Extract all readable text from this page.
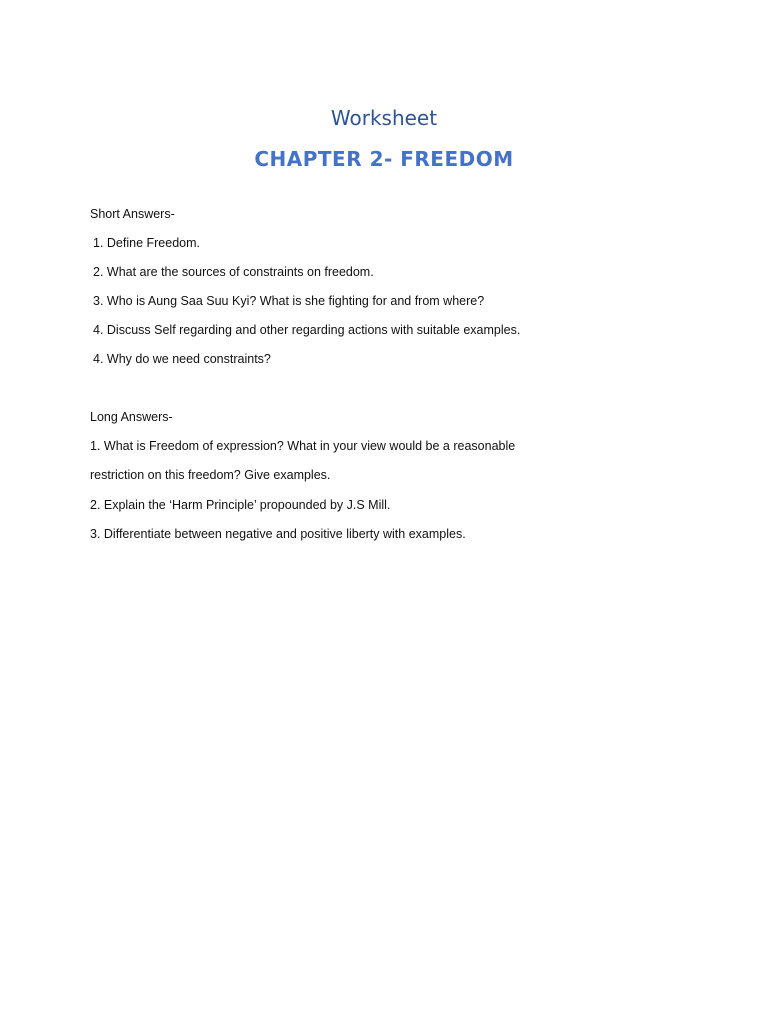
Worksheet
CHAPTER 2- FREEDOM

Short Answers-

1. Define Freedom.

2. What are the sources of constraints on freedom.

3. Who is Aung Saa Suu Kyi? What is she fighting for and from where?

4. Discuss Self regarding and other regarding actions with suitable examples.

4. Why do we need constraints?

Long Answers-

1. What is Freedom of expression? What in your view would be a reasonable

restriction on this freedom? Give examples.

2. Explain the ‘Harm Principle’ propounded by J.S Mill.

3. Differentiate between negative and positive liberty with examples.
